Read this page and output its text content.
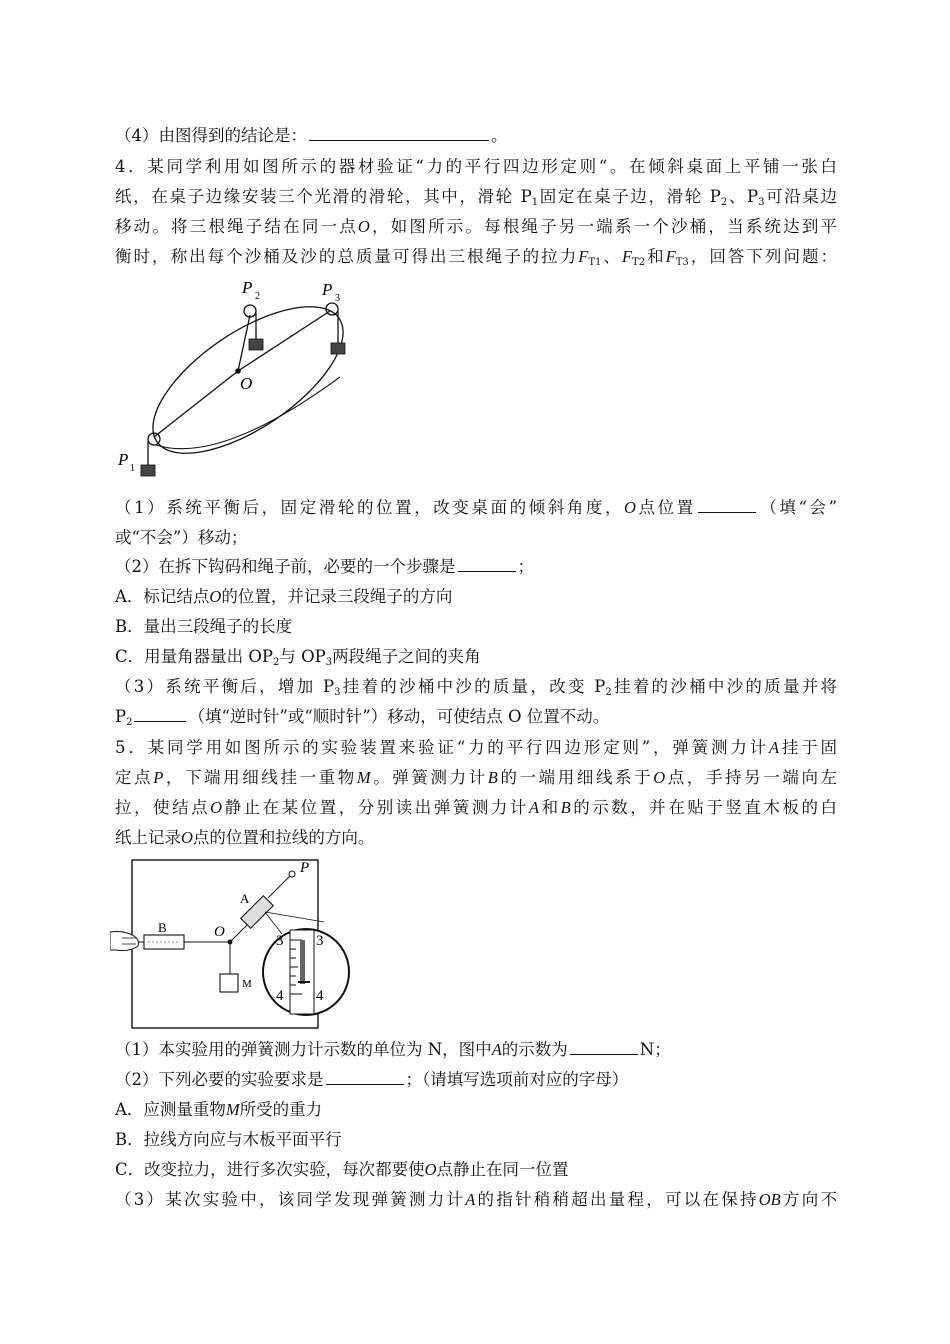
（4）由图得到的结论是：	。
4．某同学利用如图所示的器材验证“力的平行四边形定则“。在倾斜桌面上平铺一张白
纸，在桌子边缘安装三个光滑的滑轮，其中，滑轮 $P_1$固定在桌子边，滑轮 $P_2$、$P_3$可沿桌边
移动。将三根绳子结在同一点O，如图所示。每根绳子另一端系一个沙桶，当系统达到平
衡时，称出每个沙桶及沙的总质量可得出三根绳子的拉力$F_{T1}$、$F_{T2}$和$F_{T3}$，回答下列问题：
O
P 1
P 2	P 3
（1）系统平衡后，固定滑轮的位置，改变桌面的倾斜角度，O点位置	（填“会”
或“不会”）移动；
（2）在拆下钩码和绳子前，必要的一个步骤是	；
A．标记结点O的位置，并记录三段绳子的方向
B．量出三段绳子的长度
C．用量角器量出 $OP_2$与 $OP_3$两段绳子之间的夹角
（3）系统平衡后，增加 $P_3$挂着的沙桶中沙的质量，改变 $P_2$挂着的沙桶中沙的质量并将
$P_2$	（填“逆时针”或“顺时针”）移动，可使结点 O 位置不动。
5．某同学用如图所示的实验装置来验证“力的平行四边形定则”，弹簧测力计A挂于固
定点P，下端用细线挂一重物M。弹簧测力计B的一端用细线系于O点，手持另一端向左
拉，使结点O静止在某位置，分别读出弹簧测力计A和B的示数，并在贴于竖直木板的白
纸上记录O点的位置和拉线的方向。
B	O
M
A
P
3 3
4 4
（1）本实验用的弹簧测力计示数的单位为 N，图中A的示数为	N；
（2）下列必要的实验要求是	；（请填写选项前对应的字母）
A．应测量重物M所受的重力
B．拉线方向应与木板平面平行
C．改变拉力，进行多次实验，每次都要使O点静止在同一位置
（3）某次实验中，该同学发现弹簧测力计A的指针稍稍超出量程，可以在保持OB方向不
